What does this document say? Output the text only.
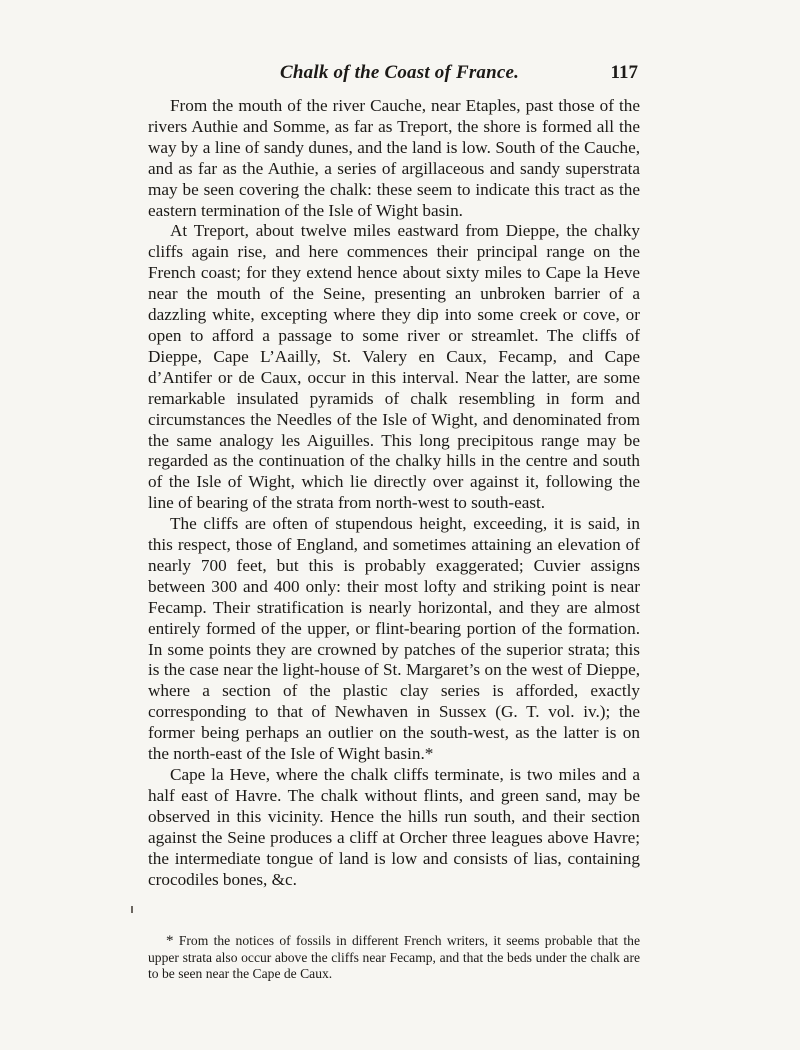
Chalk of the Coast of France.	117

From the mouth of the river Cauche, near Etaples, past those of the rivers Authie and Somme, as far as Treport, the shore is formed all the way by a line of sandy dunes, and the land is low. South of the Cauche, and as far as the Authie, a series of argillaceous and sandy superstrata may be seen covering the chalk: these seem to indicate this tract as the eastern termination of the Isle of Wight basin.

At Treport, about twelve miles eastward from Dieppe, the chalky cliffs again rise, and here commences their principal range on the French coast; for they extend hence about sixty miles to Cape la Heve near the mouth of the Seine, presenting an unbroken barrier of a dazzling white, excepting where they dip into some creek or cove, or open to afford a passage to some river or streamlet. The cliffs of Dieppe, Cape L’Aailly, St. Valery en Caux, Fecamp, and Cape d’Antifer or de Caux, occur in this interval. Near the latter, are some remarkable insulated pyramids of chalk resembling in form and circumstances the Needles of the Isle of Wight, and denominated from the same analogy les Aiguilles. This long precipitous range may be regarded as the continuation of the chalky hills in the centre and south of the Isle of Wight, which lie directly over against it, following the line of bearing of the strata from north-west to south-east.

The cliffs are often of stupendous height, exceeding, it is said, in this respect, those of England, and sometimes attaining an elevation of nearly 700 feet, but this is probably exaggerated; Cuvier assigns between 300 and 400 only: their most lofty and striking point is near Fecamp. Their stratification is nearly horizontal, and they are almost entirely formed of the upper, or flint-bearing portion of the formation. In some points they are crowned by patches of the superior strata; this is the case near the light-house of St. Margaret’s on the west of Dieppe, where a section of the plastic clay series is afforded, exactly corresponding to that of Newhaven in Sussex (G. T. vol. iv.); the former being perhaps an outlier on the south-west, as the latter is on the north-east of the Isle of Wight basin.*

Cape la Heve, where the chalk cliffs terminate, is two miles and a half east of Havre. The chalk without flints, and green sand, may be observed in this vicinity. Hence the hills run south, and their section against the Seine produces a cliff at Orcher three leagues above Havre; the intermediate tongue of land is low and consists of lias, containing crocodiles bones, &c.

* From the notices of fossils in different French writers, it seems probable that the upper strata also occur above the cliffs near Fecamp, and that the beds under the chalk are to be seen near the Cape de Caux.
